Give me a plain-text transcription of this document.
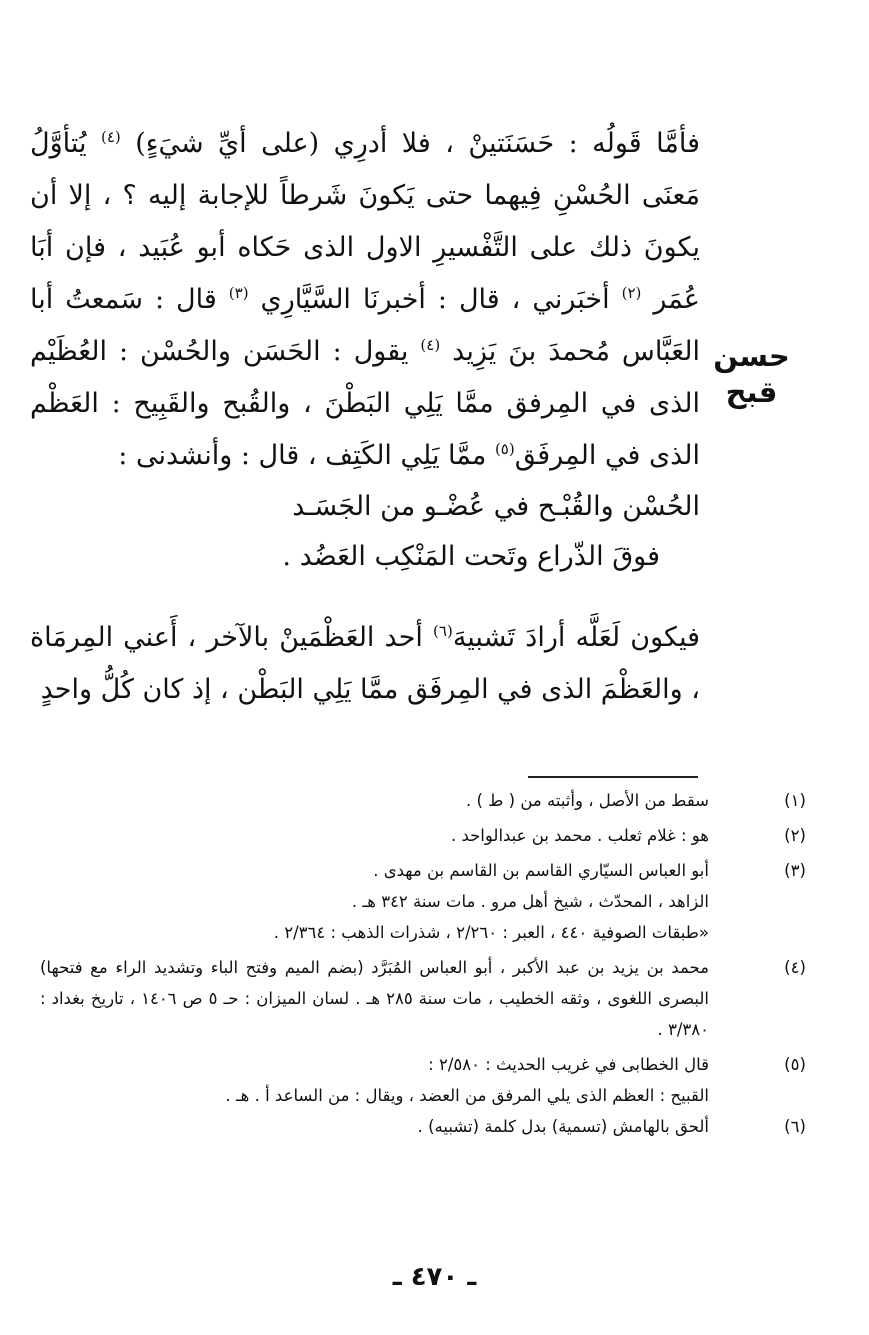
حسن
قبح

فأمَّا قَولُه : حَسَنَتينْ ، فلا أدرِي (على أيِّ شيَءٍ) $^{(٤)}$ يُتأوَّلُ مَعنَى الحُسْنِ فِيهما حتى يَكونَ شَرطاً للإجابة إليه ؟ ، إلا أن يكونَ ذلك على التَّفْسيرِ الاول الذى حَكاه أبو عُبَيد ، فإن أبَا عُمَر $^{(٢)}$ أخبَرني ، قال : أخبرنَا السَّيَّارِي $^{(٣)}$ قال : سَمعتُ أبا العَبَّاس مُحمدَ بنَ يَزِيد $^{(٤)}$ يقول : الحَسَن والحُسْن : العُظَيْم الذى في المِرفق ممَّا يَلِي البَطْنَ ، والقُبح والقَبِيح : العَظْم الذى في المِرفَق$^{(٥)}$ ممَّا يَلِي الكَتِف ، قال : وأنشدنى :

الحُسْن والقُبْـح في عُضْـو من الجَسَـد
فوقَ الذّراع وتَحت المَنْكِب العَضُد .

فيكون لَعَلَّه أرادَ تَشبيهَ$^{(٦)}$ أحد العَظْمَينْ بالآخر ، أَعني المِرمَاة ، والعَظْمَ الذى في المِرفَق ممَّا يَلِي البَطْن ، إذ كان كُلُّ واحدٍ

(١)
سقط من الأصل ، وأثبته من ( ط ) .
(٢)
هو : غلام ثعلب . محمد بن عبدالواحد .
(٣)
أبو العباس السيّاري القاسم بن القاسم بن مهدى .
الزاهد ، المحدّث ، شيخ أهل مرو . مات سنة ٣٤٢ هـ .
«طبقات الصوفية ٤٤٠ ، العبر : ٢/٢٦٠ ، شذرات الذهب : ٢/٣٦٤ .
(٤)
محمد بن يزيد بن عبد الأكبر ، أبو العباس المُبَرَّد (بضم الميم وفتح الباء وتشديد الراء مع فتحها) البصرى اللغوى ، وثقه الخطيب ، مات سنة ٢٨٥ هـ . لسان الميزان : حـ ٥ ص ١٤٠٦ ، تاريخ بغداد : ٣/٣٨٠ .
(٥)
قال الخطابى في غريب الحديث : ٢/٥٨٠ :
القبيح : العظم الذى يلي المرفق من العضد ، ويقال : من الساعد أ . هـ .
(٦)
ألحق بالهامش (تسمية) بدل كلمة (تشبيه) .
ـ ٤٧٠ ـ
